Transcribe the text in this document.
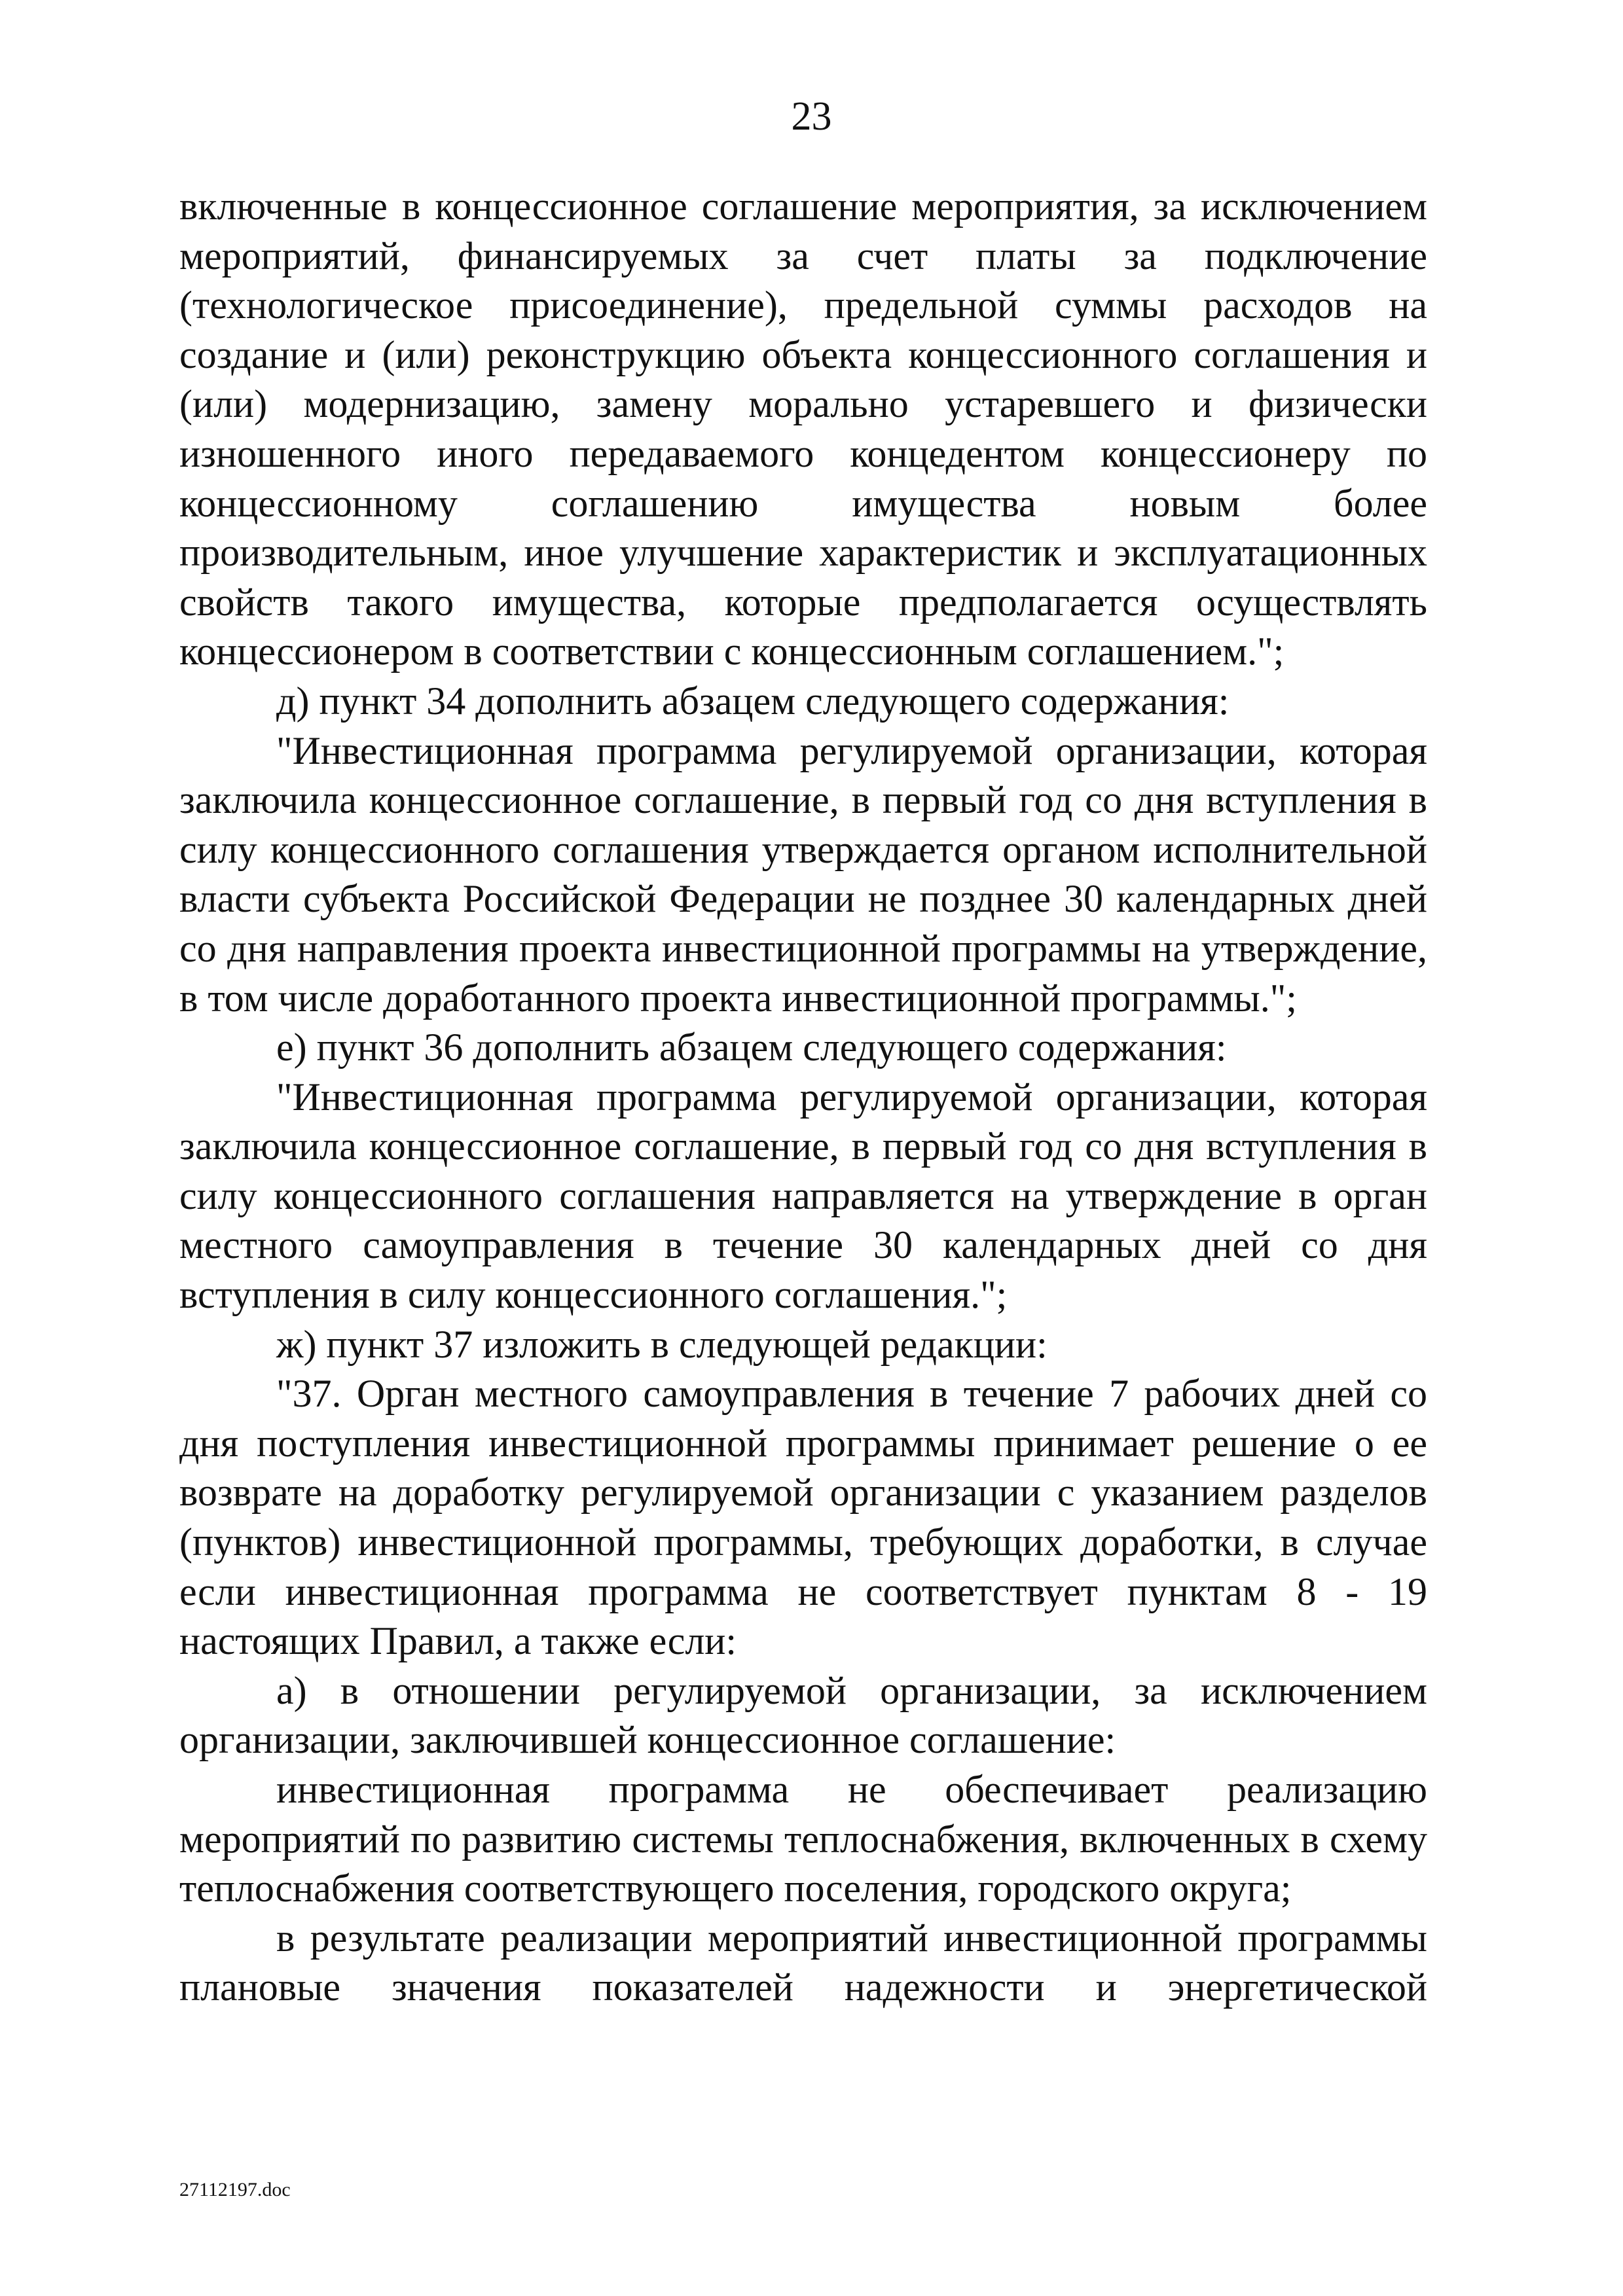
23

включенные в концессионное соглашение мероприятия, за исключением мероприятий, финансируемых за счет платы за подключение (технологическое присоединение), предельной суммы расходов на создание и (или) реконструкцию объекта концессионного соглашения и (или) модернизацию, замену морально устаревшего и физически изношенного иного передаваемого концедентом концессионеру по концессионному соглашению имущества новым более производительным, иное улучшение характеристик и эксплуатационных свойств такого имущества, которые предполагается осуществлять концессионером в соответствии с концессионным соглашением.";

д) пункт 34 дополнить абзацем следующего содержания:

"Инвестиционная программа регулируемой организации, которая заключила концессионное соглашение, в первый год со дня вступления в силу концессионного соглашения утверждается органом исполнительной власти субъекта Российской Федерации не позднее 30 календарных дней со дня направления проекта инвестиционной программы на утверждение, в том числе доработанного проекта инвестиционной программы.";

е) пункт 36 дополнить абзацем следующего содержания:

"Инвестиционная программа регулируемой организации, которая заключила концессионное соглашение, в первый год со дня вступления в силу концессионного соглашения направляется на утверждение в орган местного самоуправления в течение 30 календарных дней со дня вступления в силу концессионного соглашения.";

ж) пункт 37 изложить в следующей редакции:

"37. Орган местного самоуправления в течение 7 рабочих дней со дня поступления инвестиционной программы принимает решение о ее возврате на доработку регулируемой организации с указанием разделов (пунктов) инвестиционной программы, требующих доработки, в случае если инвестиционная программа не соответствует пунктам 8 - 19 настоящих Правил, а также если:

а) в отношении регулируемой организации, за исключением организации, заключившей концессионное соглашение:

инвестиционная программа не обеспечивает реализацию мероприятий по развитию системы теплоснабжения, включенных в схему теплоснабжения соответствующего поселения, городского округа;

в результате реализации мероприятий инвестиционной программы плановые значения показателей надежности и энергетической

27112197.doc
